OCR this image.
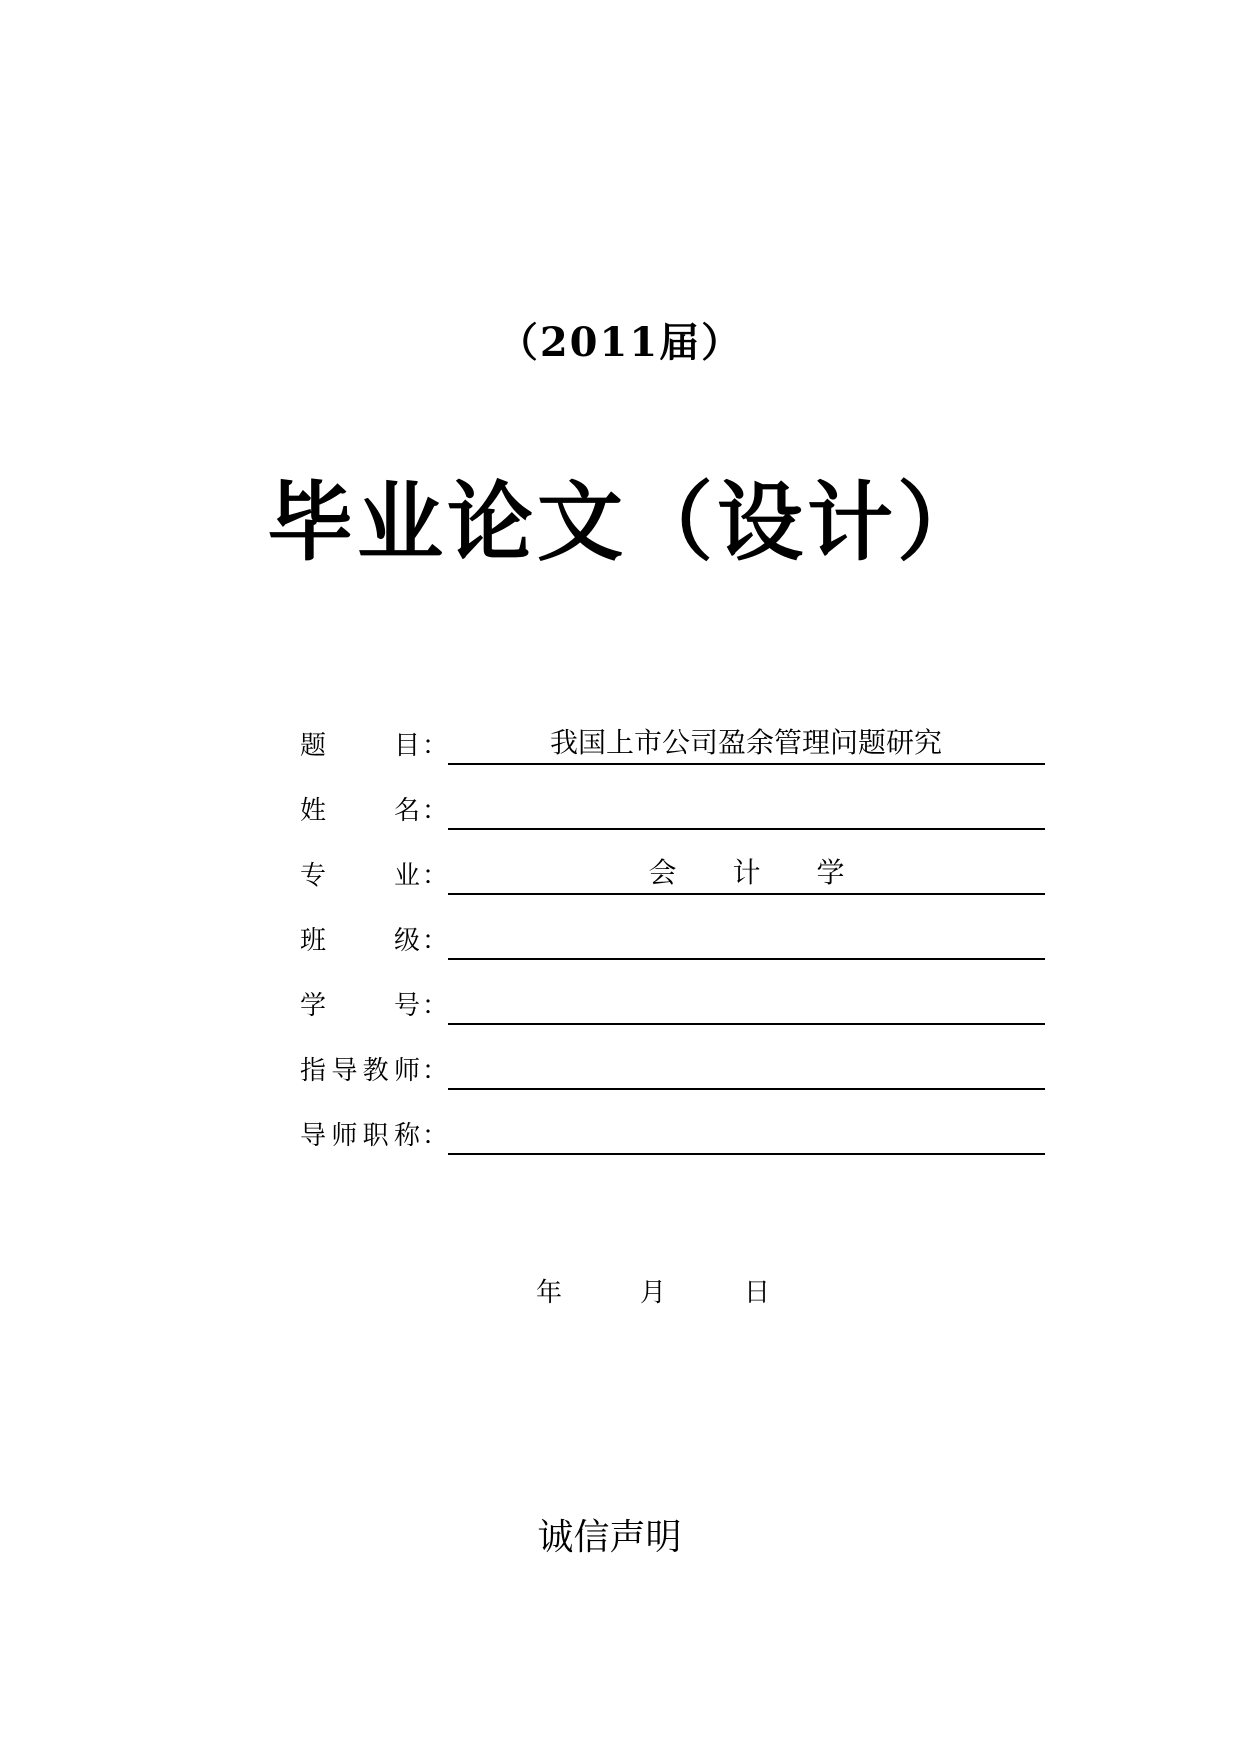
（2011届）
毕业论文（设计）
题目 ：	我国上市公司盈余管理问题研究
姓名 ：
专业 ：	会　　计　　学
班级 ：
学号 ：
指导教师 ：
导师职称 ：
年　　　月　　　日
诚信声明
